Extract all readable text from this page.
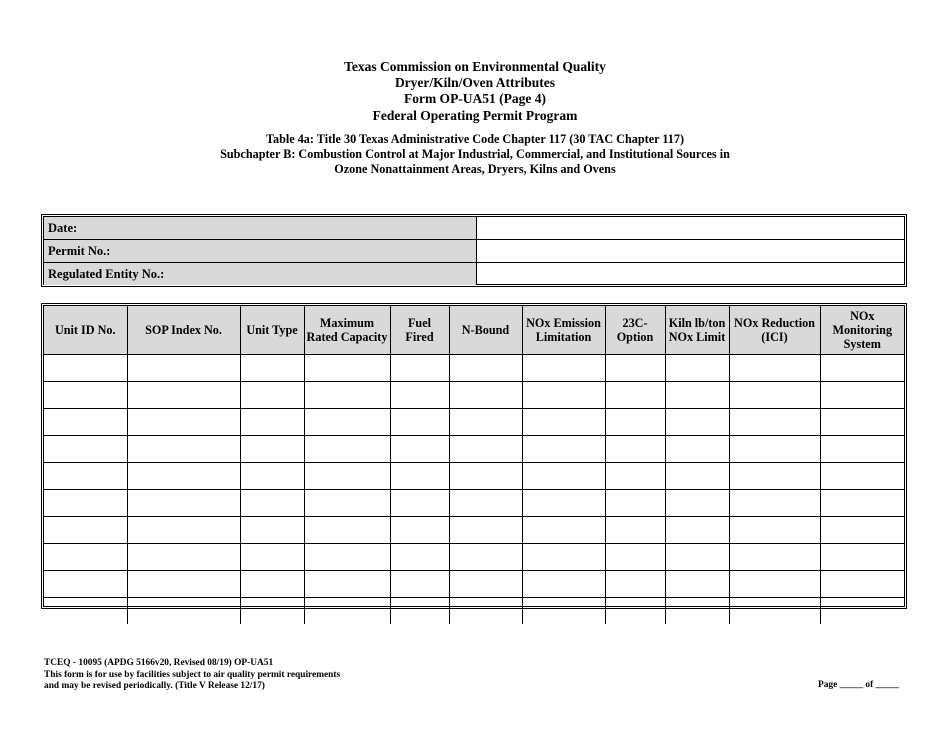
Texas Commission on Environmental Quality
Dryer/Kiln/Oven Attributes
Form OP-UA51 (Page 4)
Federal Operating Permit Program
Table 4a: Title 30 Texas Administrative Code Chapter 117 (30 TAC Chapter 117)
Subchapter B: Combustion Control at Major Industrial, Commercial, and Institutional Sources in
Ozone Nonattainment Areas, Dryers, Kilns and Ovens
Date:	
Permit No.:	
Regulated Entity No.:	
Unit ID No.	SOP Index No.	Unit Type	Maximum Rated Capacity	Fuel Fired	N-Bound	NOx Emission Limitation	23C-Option	Kiln lb/ton NOx Limit	NOx Reduction (ICI)	NOx Monitoring System

TCEQ - 10095 (APDG 5166v20, Revised 08/19) OP-UA51
This form is for use by facilities subject to air quality permit requirements
and may be revised periodically. (Title V Release 12/17)	Page _____ of _____
